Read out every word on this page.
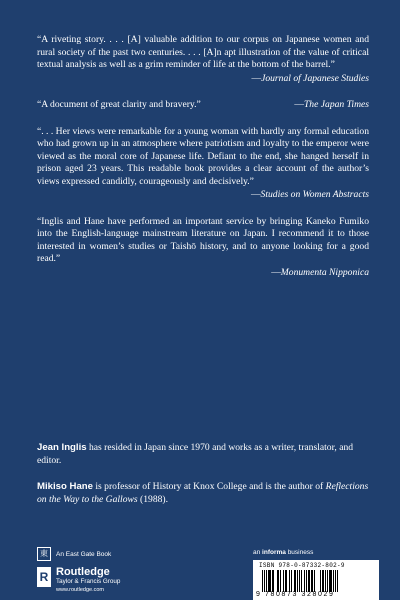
“A riveting story. . . . [A] valuable addition to our corpus on Japanese women and rural society of the past two centuries. . . . [A]n apt illustration of the value of critical textual analysis as well as a grim reminder of life at the bottom of the barrel.”

—Journal of Japanese Studies
“A document of great clarity and bravery.”	—The Japan Times

“. . . Her views were remarkable for a young woman with hardly any formal education who had grown up in an atmosphere where patriotism and loyalty to the emperor were viewed as the moral core of Japanese life. Defiant to the end, she hanged herself in prison aged 23 years. This readable book provides a clear account of the author’s views expressed candidly, courageously and decisively.”

—Studies on Women Abstracts

“Inglis and Hane have performed an important service by bringing Kaneko Fumiko into the English-language mainstream literature on Japan. I recommend it to those interested in women’s studies or Taishō history, and to anyone looking for a good read.”

—Monumenta Nipponica
Jean Inglis has resided in Japan since 1970 and works as a writer, translator, and editor.
Mikiso Hane is professor of History at Knox College and is the author of Reflections on the Way to the Gallows (1988).
東	An East Gate Book
R Routledge
Taylor & Francis Group
www.routledge.com
an informa business
ISBN 978-0-87332-802-9
9 780873 328029
